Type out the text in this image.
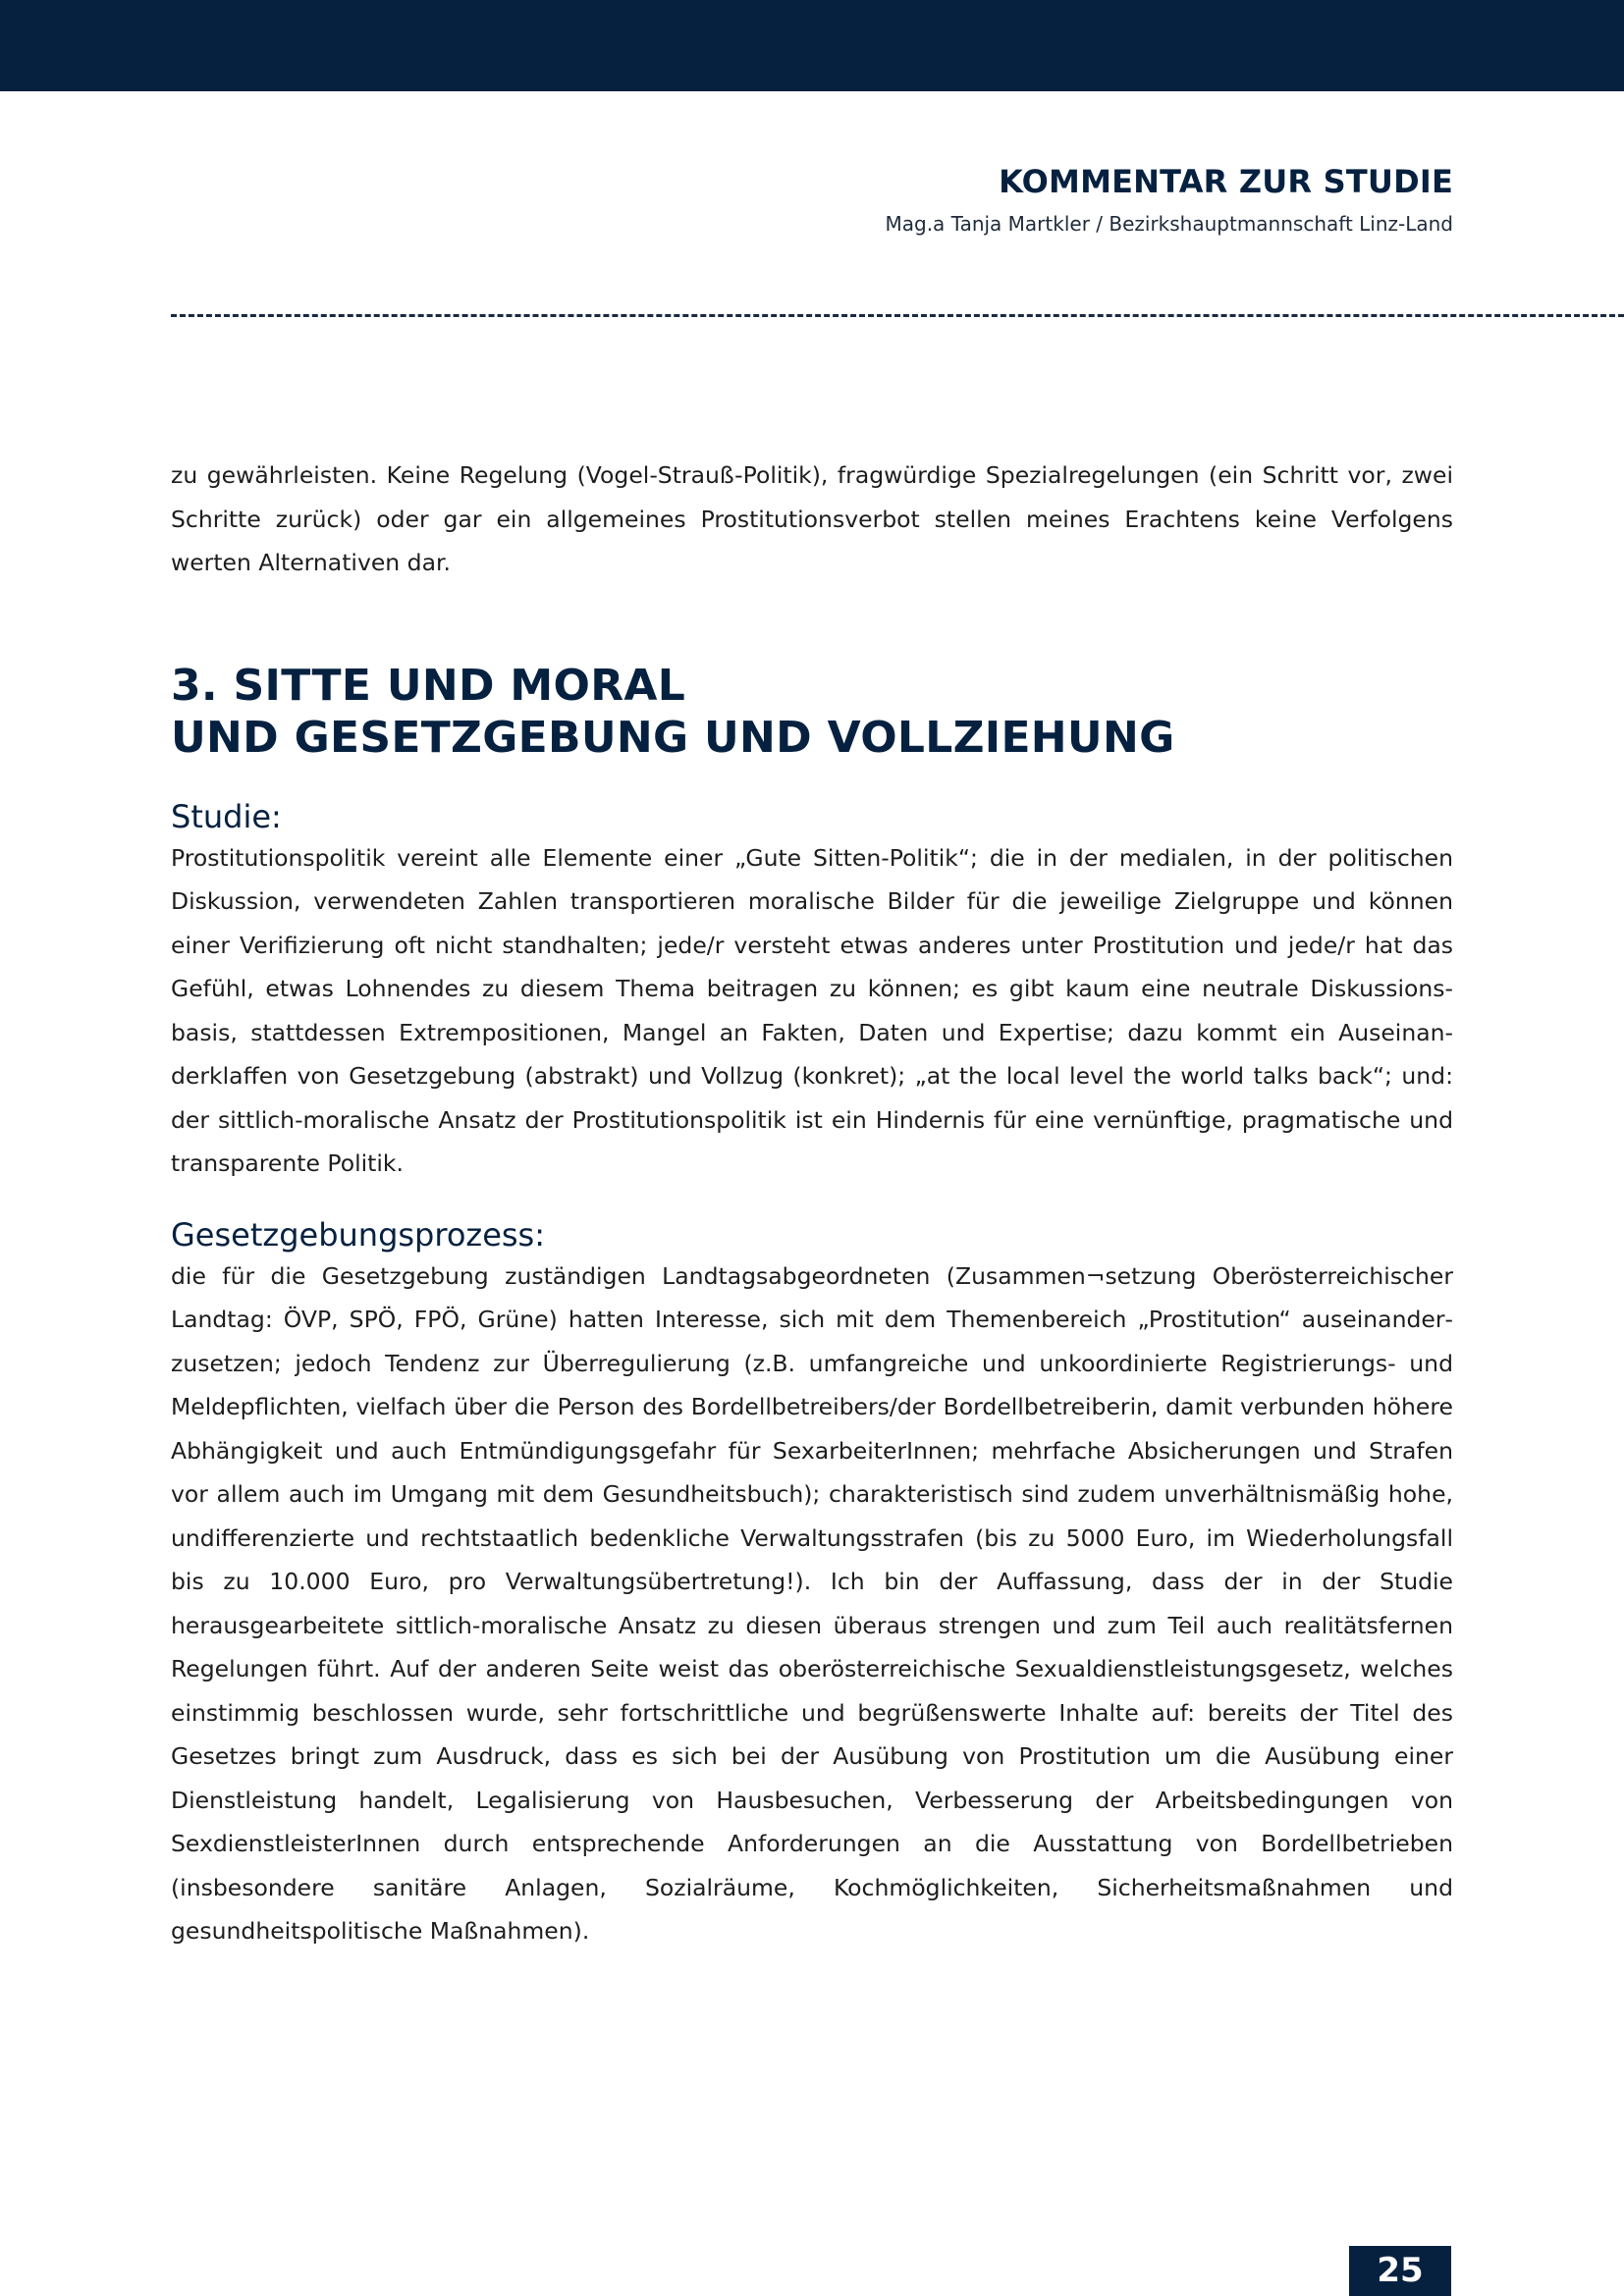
KOMMENTAR ZUR STUDIE
Mag.a Tanja Martkler / Bezirkshauptmannschaft Linz-Land

zu gewährleisten. Keine Regelung (Vogel-Strauß-Politik), fragwürdige Spezialregelungen (ein Schritt vor, zwei Schritte zurück) oder gar ein allgemeines Prostitutionsverbot stellen meines Erachtens keine Verfolgens werten Alternativen dar.

3. SITTE UND MORAL
UND GESETZGEBUNG UND VOLLZIEHUNG
Studie:

Prostitutionspolitik vereint alle Elemente einer „Gute Sitten-Politik“; die in der medialen, in der politischen Diskussion, verwendeten Zahlen transportieren moralische Bilder für die jeweilige Zielgruppe und können einer Verifizierung oft nicht standhalten; jede/r versteht etwas anderes unter Prostitution und jede/r hat das Gefühl, etwas Lohnendes zu diesem Thema beitragen zu können; es gibt kaum eine neutrale Diskussionsbasis, stattdessen Extrempositionen, Mangel an Fakten, Daten und Expertise; dazu kommt ein Auseinanderklaffen von Gesetzgebung (abstrakt) und Vollzug (konkret); „at the local level the world talks back“; und: der sittlich-moralische Ansatz der Prostitutionspolitik ist ein Hindernis für eine vernünftige, pragmatische und transparente Politik.

Gesetzgebungsprozess:

die für die Gesetzgebung zuständigen Landtagsabgeordneten (Zusammen¬setzung Oberösterreichischer Landtag: ÖVP, SPÖ, FPÖ, Grüne) hatten Interesse, sich mit dem Themenbereich „Prostitution“ auseinanderzusetzen; jedoch Tendenz zur Überregulierung (z.B. umfangreiche und unkoordinierte Registrierungs- und Meldepflichten, vielfach über die Person des Bordellbetreibers/der Bordellbetreiberin, damit verbunden höhere Abhängigkeit und auch Entmündigungsgefahr für SexarbeiterInnen; mehrfache Absicherungen und Strafen vor allem auch im Umgang mit dem Gesundheitsbuch); charakteristisch sind zudem unverhältnismäßig hohe, undifferenzierte und rechtstaatlich bedenkliche Verwaltungsstrafen (bis zu 5000 Euro, im Wiederholungsfall bis zu 10.000 Euro, pro Verwaltungsübertretung!). Ich bin der Auffassung, dass der in der Studie herausgearbeitete sittlich-moralische Ansatz zu diesen überaus strengen und zum Teil auch realitätsfernen Regelungen führt. Auf der anderen Seite weist das oberösterreichische Sexualdienstleistungsgesetz, welches einstimmig beschlossen wurde, sehr fortschrittliche und begrüßenswerte Inhalte auf: bereits der Titel des Gesetzes bringt zum Ausdruck, dass es sich bei der Ausübung von Prostitution um die Ausübung einer Dienstleistung handelt, Legalisierung von Hausbesuchen, Verbesserung der Arbeitsbedingungen von SexdienstleisterInnen durch entsprechende Anforderungen an die Ausstattung von Bordellbetrieben (insbesondere sanitäre Anlagen, Sozialräume, Kochmöglichkeiten, Sicherheitsmaßnahmen und gesundheitspolitische Maßnahmen).

25
